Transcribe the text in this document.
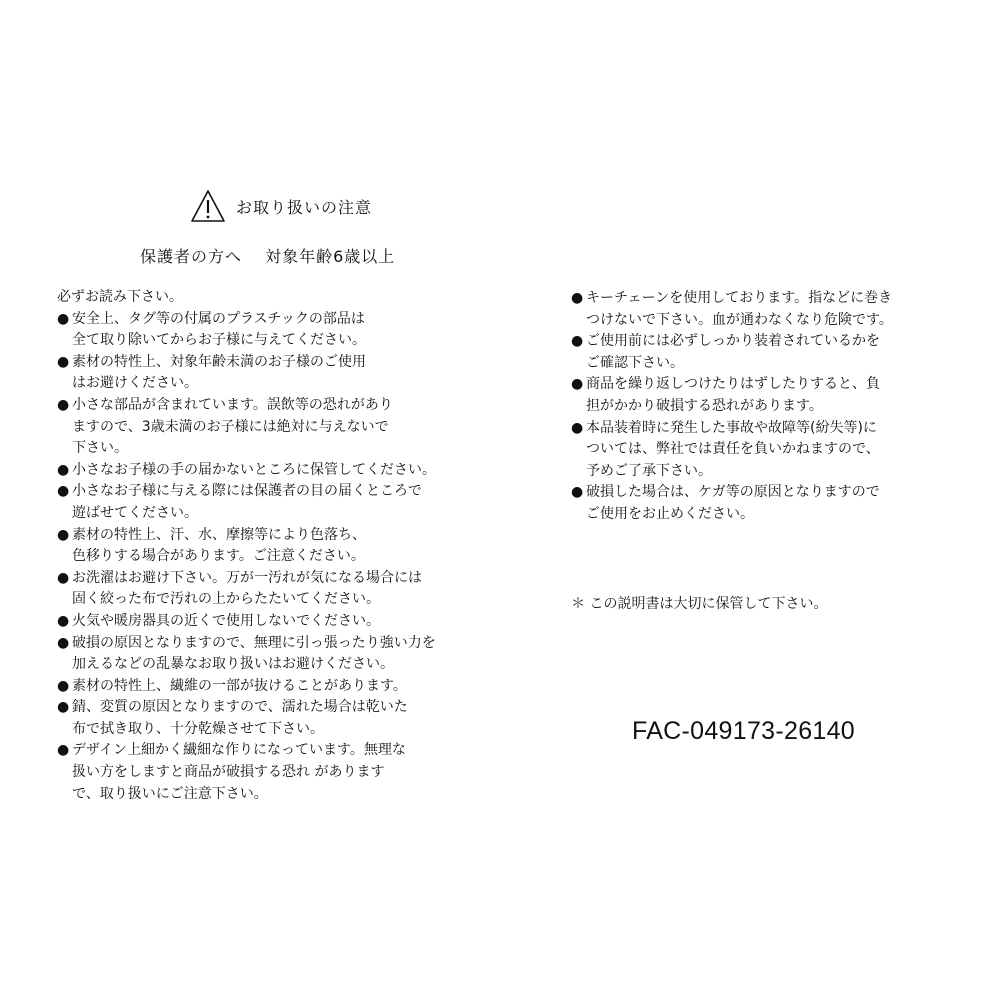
お取り扱いの注意
保護者の方へ　 対象年齢6歳以上
必ずお読み下さい。
● 安全上、タグ等の付属のプラスチックの部品は
全て取り除いてからお子様に与えてください。
● 素材の特性上、対象年齢未満のお子様のご使用
はお避けください。
● 小さな部品が含まれています。誤飲等の恐れがあり
ますので、3歳未満のお子様には絶対に与えないで
下さい。
● 小さなお子様の手の届かないところに保管してください。
● 小さなお子様に与える際には保護者の目の届くところで
遊ばせてください。
● 素材の特性上、汗、水、摩擦等により色落ち、
色移りする場合があります。ご注意ください。
● お洗濯はお避け下さい。万が一汚れが気になる場合には
固く絞った布で汚れの上からたたいてください。
● 火気や暖房器具の近くで使用しないでください。
● 破損の原因となりますので、無理に引っ張ったり強い力を
加えるなどの乱暴なお取り扱いはお避けください。
● 素材の特性上、繊維の一部が抜けることがあります。
● 錆、変質の原因となりますので、濡れた場合は乾いた
布で拭き取り、十分乾燥させて下さい。
● デザイン上細かく繊細な作りになっています。無理な
扱い方をしますと商品が破損する恐れ があります
で、取り扱いにご注意下さい。
● キーチェーンを使用しております。指などに巻き
つけないで下さい。血が通わなくなり危険です。
● ご使用前には必ずしっかり装着されているかを
ご確認下さい。
● 商品を繰り返しつけたりはずしたりすると、負
担がかかり破損する恐れがあります。
● 本品装着時に発生した事故や故障等(紛失等)に
ついては、弊社では責任を負いかねますので、
予めご了承下さい。
● 破損した場合は、ケガ等の原因となりますので
ご使用をお止めください。
＊ この説明書は大切に保管して下さい。
FAC-049173-26140
